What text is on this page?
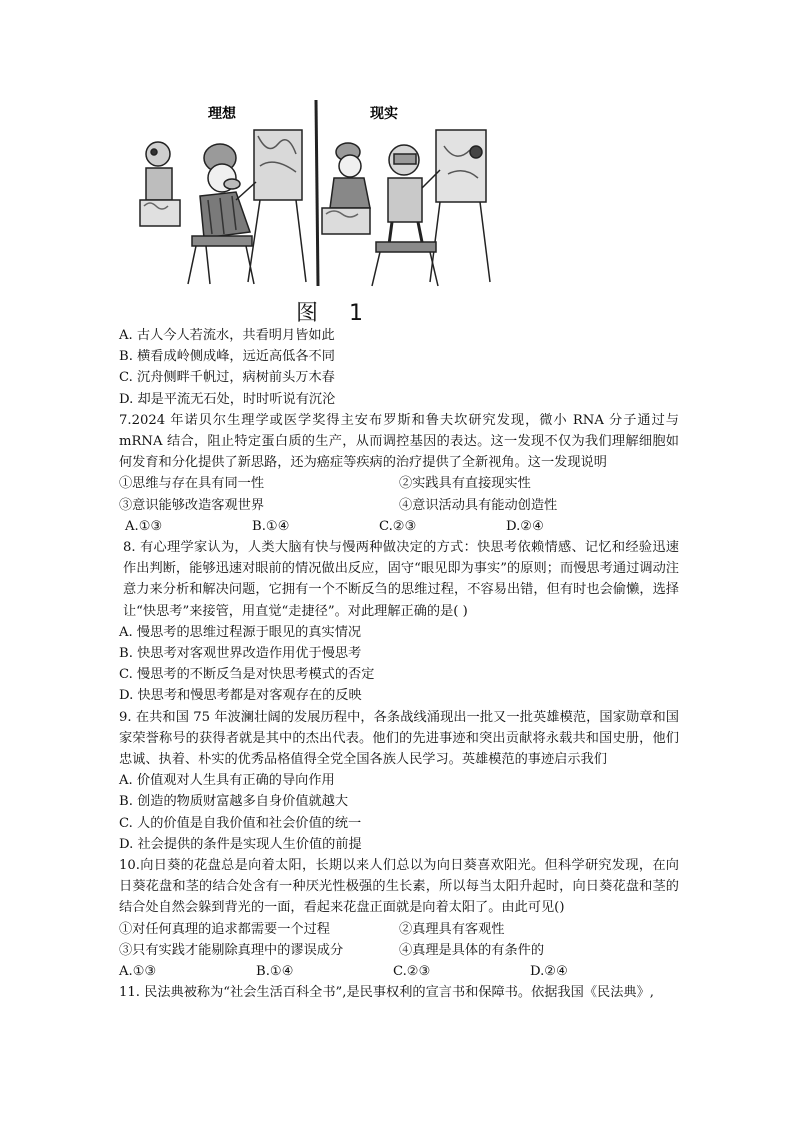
理想	现实
图 1
A. 古人今人若流水，共看明月皆如此
B. 横看成岭侧成峰，远近高低各不同
C. 沉舟侧畔千帆过，病树前头万木春
D. 却是平流无石处，时时听说有沉沦
7.2024 年诺贝尔生理学或医学奖得主安布罗斯和鲁夫坎研究发现，微小 RNA 分子通过与 mRNA 结合，阻止特定蛋白质的生产，从而调控基因的表达。这一发现不仅为我们理解细胞如何发育和分化提供了新思路，还为癌症等疾病的治疗提供了全新视角。这一发现说明
①思维与存在具有同一性	②实践具有直接现实性
③意识能够改造客观世界	④意识活动具有能动创造性
A.①③	B.①④	C.②③	D.②④
8. 有心理学家认为，人类大脑有快与慢两种做决定的方式：快思考依赖情感、记忆和经验迅速作出判断，能够迅速对眼前的情况做出反应，固守“眼见即为事实”的原则；而慢思考通过调动注意力来分析和解决问题，它拥有一个不断反刍的思维过程，不容易出错，但有时也会偷懒，选择让“快思考”来接管，用直觉“走捷径”。对此理解正确的是( )
A. 慢思考的思维过程源于眼见的真实情况
B. 快思考对客观世界改造作用优于慢思考
C. 慢思考的不断反刍是对快思考模式的否定
D. 快思考和慢思考都是对客观存在的反映
9. 在共和国 75 年波澜壮阔的发展历程中，各条战线涌现出一批又一批英雄模范，国家勋章和国家荣誉称号的获得者就是其中的杰出代表。他们的先进事迹和突出贡献将永载共和国史册，他们忠诚、执着、朴实的优秀品格值得全党全国各族人民学习。英雄模范的事迹启示我们
A. 价值观对人生具有正确的导向作用
B. 创造的物质财富越多自身价值就越大
C. 人的价值是自我价值和社会价值的统一
D. 社会提供的条件是实现人生价值的前提
10.向日葵的花盘总是向着太阳，长期以来人们总以为向日葵喜欢阳光。但科学研究发现，在向日葵花盘和茎的结合处含有一种厌光性极强的生长素，所以每当太阳升起时，向日葵花盘和茎的结合处自然会躲到背光的一面，看起来花盘正面就是向着太阳了。由此可见()
①对任何真理的追求都需要一个过程	②真理具有客观性
③只有实践才能剔除真理中的谬误成分	④真理是具体的有条件的
A.①③	B.①④	C.②③	D.②④
11. 民法典被称为“社会生活百科全书”,是民事权利的宣言书和保障书。依据我国《民法典》,
